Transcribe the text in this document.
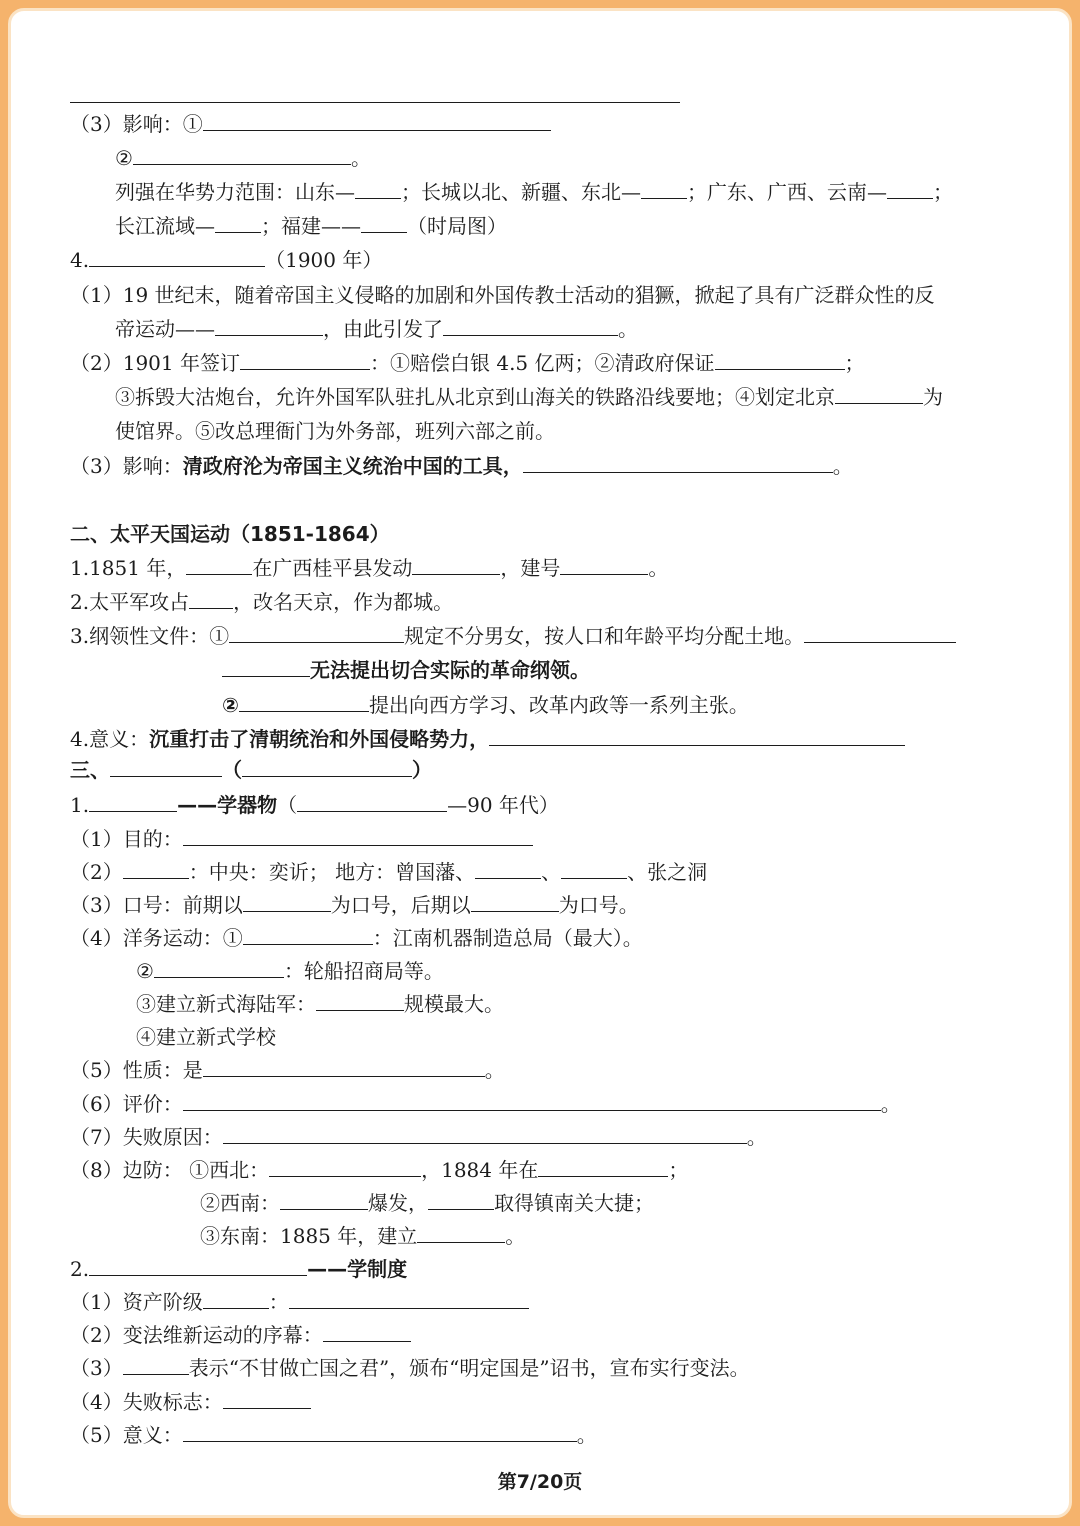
（3）影响：①
②	。
列强在华势力范围：山东— ；长城以北、新疆、东北— ；广东、广西、云南— ；
长江流域— ；福建—— （时局图）
4.	（1900 年）
（1）19 世纪末，随着帝国主义侵略的加剧和外国传教士活动的猖獗，掀起了具有广泛群众性的反
帝运动——	，由此引发了	。
（2）1901 年签订	：①赔偿白银 4.5 亿两；②清政府保证	；
③拆毁大沽炮台，允许外国军队驻扎从北京到山海关的铁路沿线要地；④划定北京	为
使馆界。⑤改总理衙门为外务部，班列六部之前。
（3）影响：清政府沦为帝国主义统治中国的工具，	。
二、太平天国运动（1851-1864）
1.1851 年，	在广西桂平县发动	，建号	。
2.太平军攻占 ，改名天京，作为都城。
3.纲领性文件：①	规定不分男女，按人口和年龄平均分配土地。
无法提出切合实际的革命纲领。
②	提出向西方学习、改革内政等一系列主张。
4.意义：沉重打击了清朝统治和外国侵略势力，
三、	（	）
1.	——学器物（	—90 年代）
（1）目的：
（2）	：中央：奕䜣； 地方：曾国藩、	、	、张之洞
（3）口号：前期以	为口号，后期以	为口号。
（4）洋务运动：①	：江南机器制造总局（最大）。
②	：轮船招商局等。
③建立新式海陆军：	规模最大。
④建立新式学校
（5）性质：是	。
（6）评价：	。
（7）失败原因：	。
（8）边防： ①西北：	，1884 年在	；
②西南：	爆发，	取得镇南关大捷；
③东南：1885 年，建立	。
2.	——学制度
（1）资产阶级	：
（2）变法维新运动的序幕：
（3）	表示“不甘做亡国之君”，颁布“明定国是”诏书，宣布实行变法。
（4）失败标志：
（5）意义：	。
第7/20页
